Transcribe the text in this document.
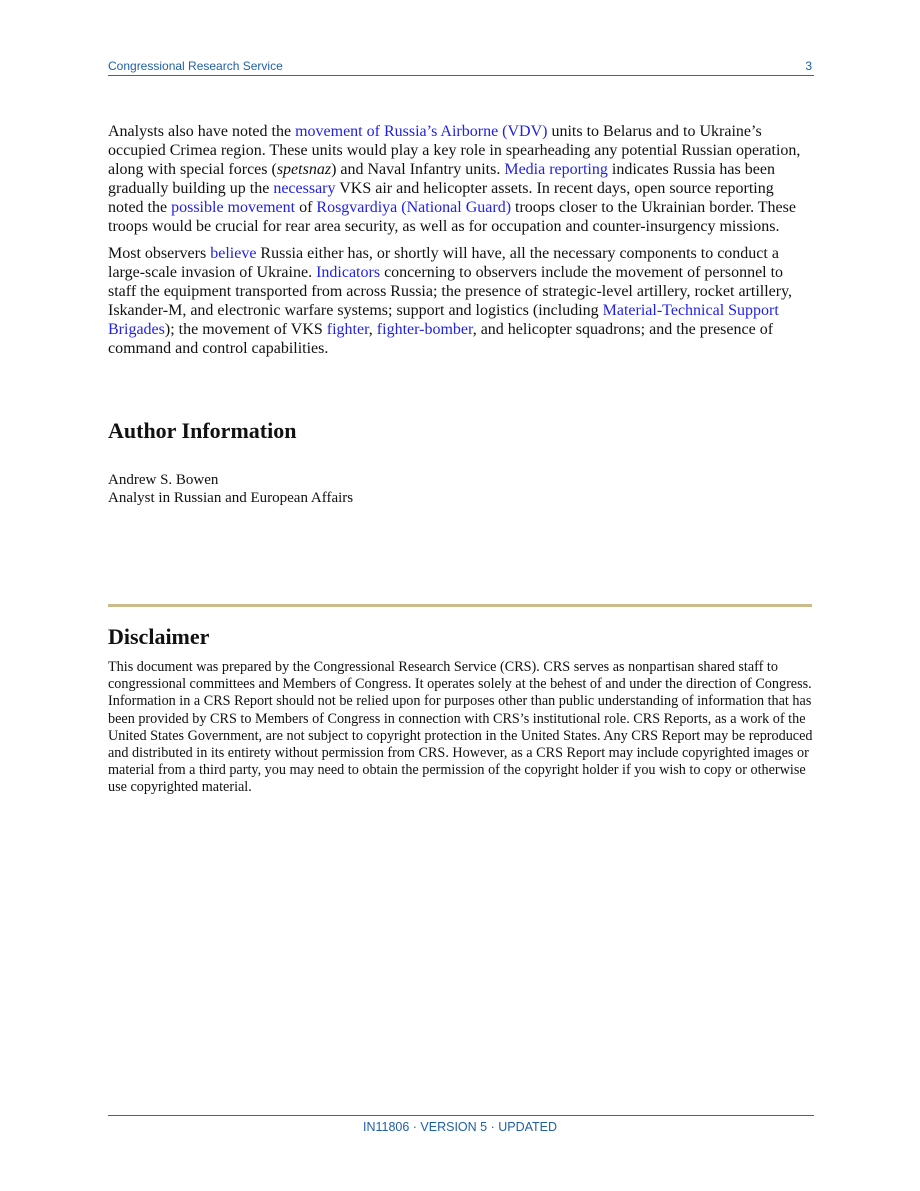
Congressional Research Service	3

Analysts also have noted the movement of Russia’s Airborne (VDV) units to Belarus and to Ukraine’s occupied Crimea region. These units would play a key role in spearheading any potential Russian operation, along with special forces (spetsnaz) and Naval Infantry units. Media reporting indicates Russia has been gradually building up the necessary VKS air and helicopter assets. In recent days, open source reporting noted the possible movement of Rosgvardiya (National Guard) troops closer to the Ukrainian border. These troops would be crucial for rear area security, as well as for occupation and counter-insurgency missions.

Most observers believe Russia either has, or shortly will have, all the necessary components to conduct a large-scale invasion of Ukraine. Indicators concerning to observers include the movement of personnel to staff the equipment transported from across Russia; the presence of strategic-level artillery, rocket artillery, Iskander-M, and electronic warfare systems; support and logistics (including Material-Technical Support Brigades); the movement of VKS fighter, fighter-bomber, and helicopter squadrons; and the presence of command and control capabilities.

Author Information
Andrew S. Bowen
Analyst in Russian and European Affairs
Disclaimer

This document was prepared by the Congressional Research Service (CRS). CRS serves as nonpartisan shared staff to congressional committees and Members of Congress. It operates solely at the behest of and under the direction of Congress. Information in a CRS Report should not be relied upon for purposes other than public understanding of information that has been provided by CRS to Members of Congress in connection with CRS’s institutional role. CRS Reports, as a work of the United States Government, are not subject to copyright protection in the United States. Any CRS Report may be reproduced and distributed in its entirety without permission from CRS. However, as a CRS Report may include copyrighted images or material from a third party, you may need to obtain the permission of the copyright holder if you wish to copy or otherwise use copyrighted material.

IN11806 · VERSION 5 · UPDATED
